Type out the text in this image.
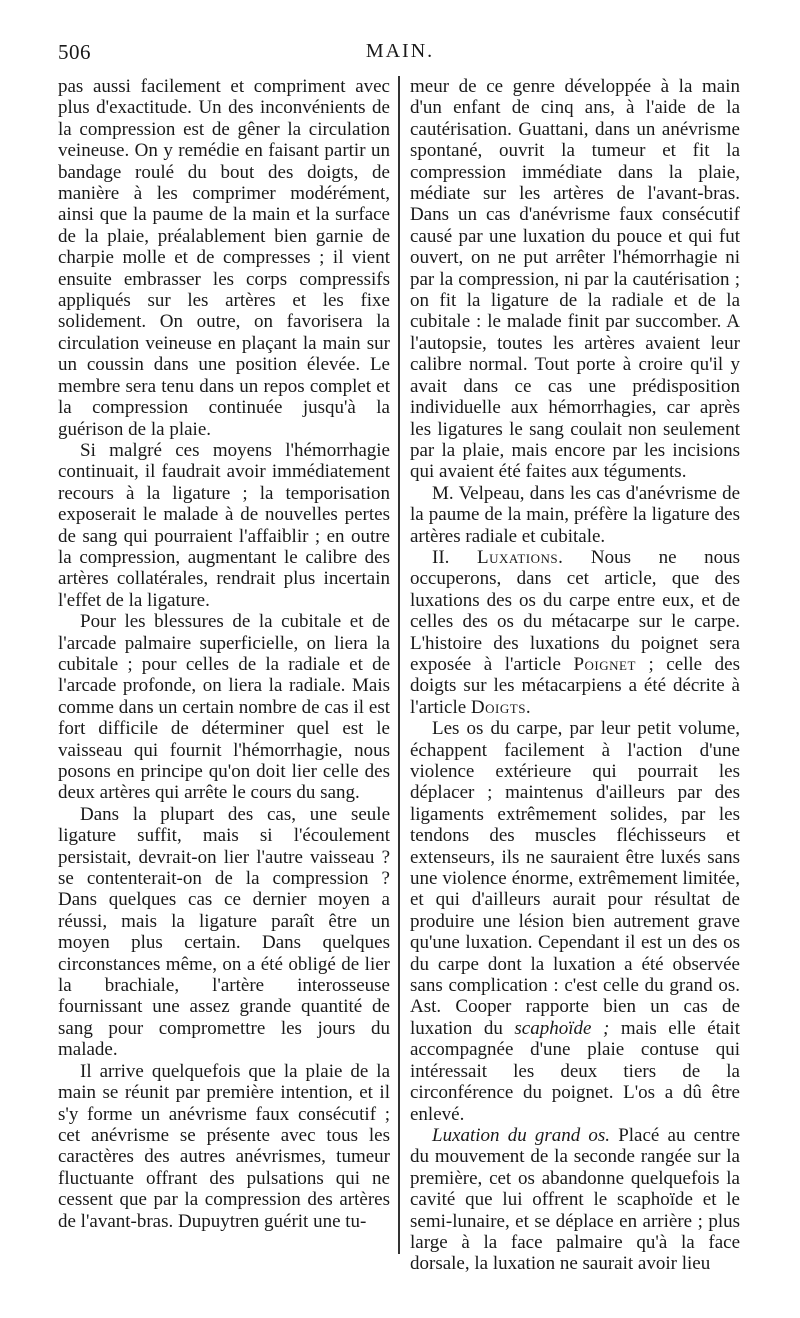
506	MAIN.

pas aussi facilement et compriment avec plus d'exactitude. Un des inconvénients de la compression est de gêner la circulation veineuse. On y remédie en faisant partir un bandage roulé du bout des doigts, de manière à les comprimer modérément, ainsi que la paume de la main et la surface de la plaie, préalablement bien garnie de charpie molle et de compresses ; il vient ensuite embrasser les corps compressifs appliqués sur les artères et les fixe solidement. On outre, on favorisera la circulation veineuse en plaçant la main sur un coussin dans une position élevée. Le membre sera tenu dans un repos complet et la compression continuée jusqu'à la guérison de la plaie.

Si malgré ces moyens l'hémorrhagie continuait, il faudrait avoir immédiatement recours à la ligature ; la temporisation exposerait le malade à de nouvelles pertes de sang qui pourraient l'affaiblir ; en outre la compression, augmentant le calibre des artères collatérales, rendrait plus incertain l'effet de la ligature.

Pour les blessures de la cubitale et de l'arcade palmaire superficielle, on liera la cubitale ; pour celles de la radiale et de l'arcade profonde, on liera la radiale. Mais comme dans un certain nombre de cas il est fort difficile de déterminer quel est le vaisseau qui fournit l'hémorrhagie, nous posons en principe qu'on doit lier celle des deux artères qui arrête le cours du sang.

Dans la plupart des cas, une seule ligature suffit, mais si l'écoulement persistait, devrait-on lier l'autre vaisseau ? se contenterait-on de la compression ? Dans quelques cas ce dernier moyen a réussi, mais la ligature paraît être un moyen plus certain. Dans quelques circonstances même, on a été obligé de lier la brachiale, l'artère interosseuse fournissant une assez grande quantité de sang pour compromettre les jours du malade.

Il arrive quelquefois que la plaie de la main se réunit par première intention, et il s'y forme un anévrisme faux consécutif ; cet anévrisme se présente avec tous les caractères des autres anévrismes, tumeur fluctuante offrant des pulsations qui ne cessent que par la compression des artères de l'avant-bras. Dupuytren guérit une tu-

meur de ce genre développée à la main d'un enfant de cinq ans, à l'aide de la cautérisation. Guattani, dans un anévrisme spontané, ouvrit la tumeur et fit la compression immédiate dans la plaie, médiate sur les artères de l'avant-bras. Dans un cas d'anévrisme faux consécutif causé par une luxation du pouce et qui fut ouvert, on ne put arrêter l'hémorrhagie ni par la compression, ni par la cautérisation ; on fit la ligature de la radiale et de la cubitale : le malade finit par succomber. A l'autopsie, toutes les artères avaient leur calibre normal. Tout porte à croire qu'il y avait dans ce cas une prédisposition individuelle aux hémorrhagies, car après les ligatures le sang coulait non seulement par la plaie, mais encore par les incisions qui avaient été faites aux téguments.

M. Velpeau, dans les cas d'anévrisme de la paume de la main, préfère la ligature des artères radiale et cubitale.

II. Luxations. Nous ne nous occuperons, dans cet article, que des luxations des os du carpe entre eux, et de celles des os du métacarpe sur le carpe. L'histoire des luxations du poignet sera exposée à l'article Poignet ; celle des doigts sur les métacarpiens a été décrite à l'article Doigts.

Les os du carpe, par leur petit volume, échappent facilement à l'action d'une violence extérieure qui pourrait les déplacer ; maintenus d'ailleurs par des ligaments extrêmement solides, par les tendons des muscles fléchisseurs et extenseurs, ils ne sauraient être luxés sans une violence énorme, extrêmement limitée, et qui d'ailleurs aurait pour résultat de produire une lésion bien autrement grave qu'une luxation. Cependant il est un des os du carpe dont la luxation a été observée sans complication : c'est celle du grand os. Ast. Cooper rapporte bien un cas de luxation du scaphoïde ; mais elle était accompagnée d'une plaie contuse qui intéressait les deux tiers de la circonférence du poignet. L'os a dû être enlevé.

Luxation du grand os. Placé au centre du mouvement de la seconde rangée sur la première, cet os abandonne quelquefois la cavité que lui offrent le scaphoïde et le semi-lunaire, et se déplace en arrière ; plus large à la face palmaire qu'à la face dorsale, la luxation ne saurait avoir lieu
